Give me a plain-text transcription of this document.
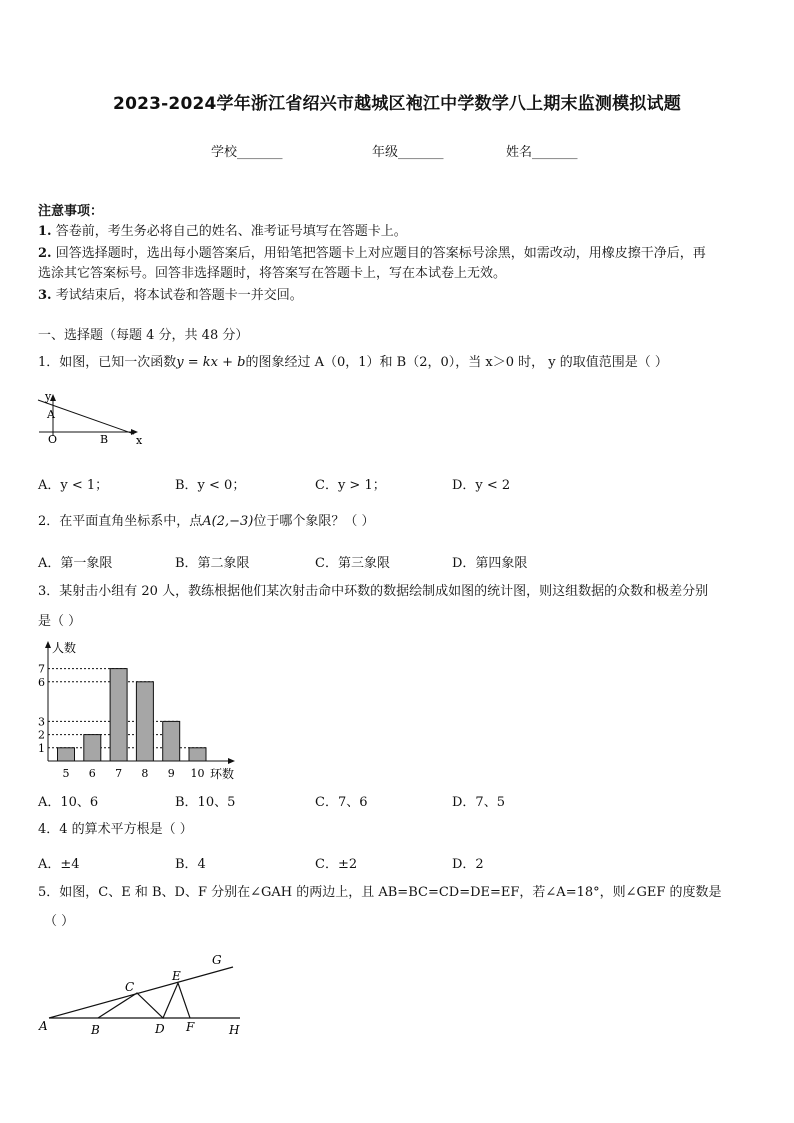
2023-2024学年浙江省绍兴市越城区袍江中学数学八上期末监测模拟试题
学校_______	年级_______	姓名_______
注意事项：
1. 答卷前，考生务必将自己的姓名、准考证号填写在答题卡上。
2. 回答选择题时，选出每小题答案后，用铅笔把答题卡上对应题目的答案标号涂黑，如需改动，用橡皮擦干净后，再
选涂其它答案标号。回答非选择题时，将答案写在答题卡上，写在本试卷上无效。
3. 考试结束后，将本试卷和答题卡一并交回。
一、选择题（每题 4 分，共 48 分）
1．如图，已知一次函数y = kx + b的图象经过 A（0，1）和 B（2，0），当 x＞0 时， y 的取值范围是（ ）
y
A
O	B	x
A．y < 1；	B．y < 0；	C．y > 1；	D．y < 2
2．在平面直角坐标系中，点A(2,−3)位于哪个象限？（ ）
A．第一象限	B．第二象限	C．第三象限	D．第四象限
3．某射击小组有 20 人，教练根据他们某次射击命中环数的数据绘制成如图的统计图，则这组数据的众数和极差分别
是（ ）
人数
环数
1
2
3
6
7
5 6 7 8 9 10
A．10、6	B．10、5	C．7、6	D．7、5
4．4 的算术平方根是（ ）
A．±4	B．4	C．±2	D．2
5．如图，C、E 和 B、D、F 分别在∠GAH 的两边上，且 AB=BC=CD=DE=EF，若∠A=18°，则∠GEF 的度数是
（ ）
A	B
C
D
E
F
G
H
